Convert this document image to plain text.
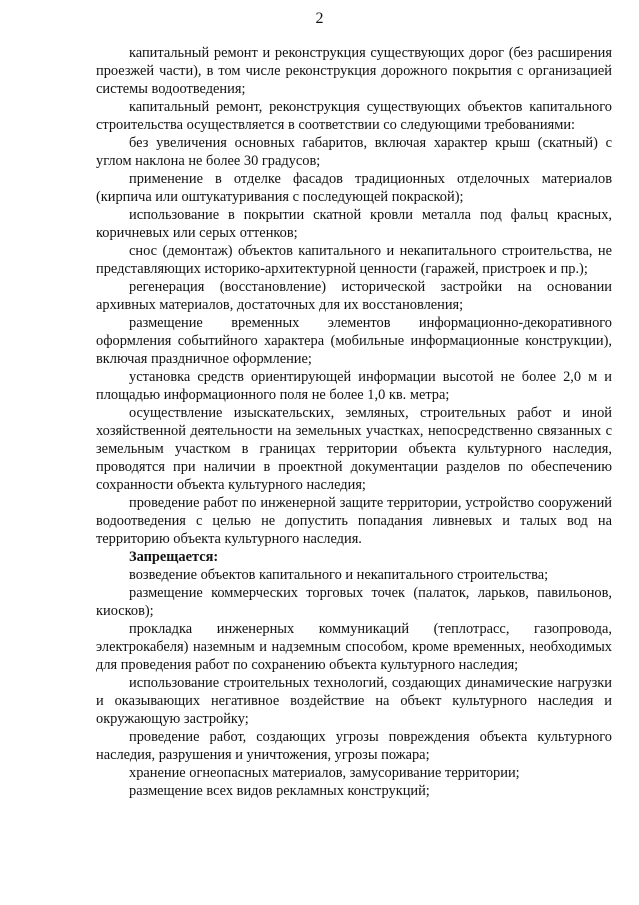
2

капитальный ремонт и реконструкция существующих дорог (без расширения проезжей части), в том числе реконструкция дорожного покрытия с организацией системы водоотведения;

капитальный ремонт, реконструкция существующих объектов капитального строительства осуществляется в соответствии со следующими требованиями:

без увеличения основных габаритов, включая характер крыш (скатный) с углом наклона не более 30 градусов;

применение в отделке фасадов традиционных отделочных материалов (кирпича или оштукатуривания с последующей покраской);

использование в покрытии скатной кровли металла под фальц красных, коричневых или серых оттенков;

снос (демонтаж) объектов капитального и некапитального строительства, не представляющих историко-архитектурной ценности (гаражей, пристроек и пр.);

регенерация (восстановление) исторической застройки на основании архивных материалов, достаточных для их восстановления;

размещение временных элементов информационно-декоративного оформления событийного характера (мобильные информационные конструкции), включая праздничное оформление;

установка средств ориентирующей информации высотой не более 2,0 м и площадью информационного поля не более 1,0 кв. метра;

осуществление изыскательских, земляных, строительных работ и иной хозяйственной деятельности на земельных участках, непосредственно связанных с земельным участком в границах территории объекта культурного наследия, проводятся при наличии в проектной документации разделов по обеспечению сохранности объекта культурного наследия;

проведение работ по инженерной защите территории, устройство сооружений водоотведения с целью не допустить попадания ливневых и талых вод на территорию объекта культурного наследия.

Запрещается:

возведение объектов капитального и некапитального строительства;

размещение коммерческих торговых точек (палаток, ларьков, павильонов, киосков);

прокладка инженерных коммуникаций (теплотрасс, газопровода, электрокабеля) наземным и надземным способом, кроме временных, необходимых для проведения работ по сохранению объекта культурного наследия;

использование строительных технологий, создающих динамические нагрузки и оказывающих негативное воздействие на объект культурного наследия и окружающую застройку;

проведение работ, создающих угрозы повреждения объекта культурного наследия, разрушения и уничтожения, угрозы пожара;

хранение огнеопасных материалов, замусоривание территории;

размещение всех видов рекламных конструкций;
